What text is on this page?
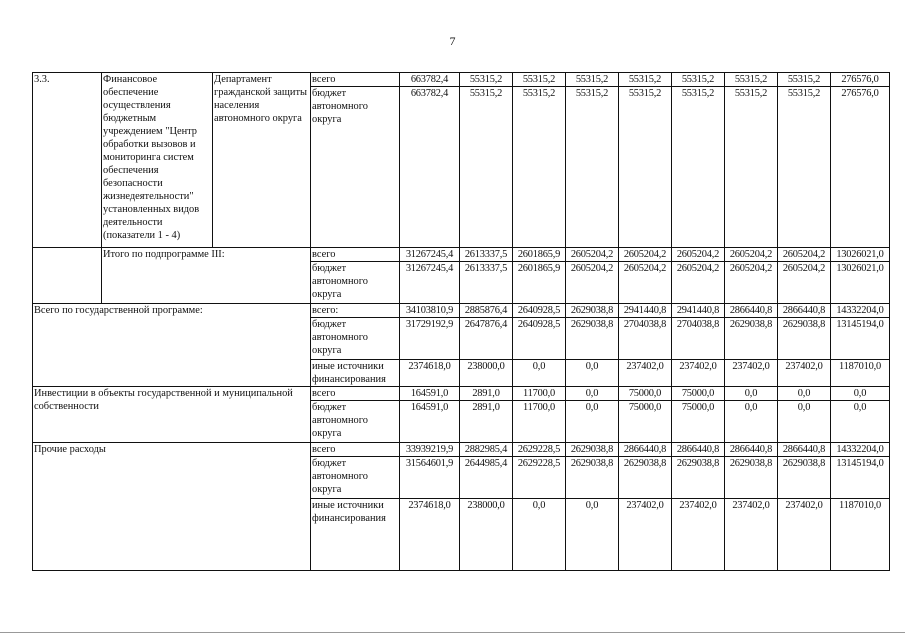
7
3.3.	Финансовое обеспечение осуществления бюджетным учреждением "Центр обработки вызовов и мониторинга систем обеспечения безопасности жизнедеятельности" установленных видов деятельности (показатели 1 - 4)	Департамент гражданской защиты населения автономного округа	всего	663782,4	55315,2	55315,2	55315,2	55315,2	55315,2	55315,2	55315,2	276576,0
			бюджет автономного округа	663782,4	55315,2	55315,2	55315,2	55315,2	55315,2	55315,2	55315,2	276576,0
	Итого по подпрограмме III:		всего	31267245,4	2613337,5	2601865,9	2605204,2	2605204,2	2605204,2	2605204,2	2605204,2	13026021,0
			бюджет автономного округа	31267245,4	2613337,5	2601865,9	2605204,2	2605204,2	2605204,2	2605204,2	2605204,2	13026021,0
Всего по государственной программе:			всего:	34103810,9	2885876,4	2640928,5	2629038,8	2941440,8	2941440,8	2866440,8	2866440,8	14332204,0
			бюджет автономного округа	31729192,9	2647876,4	2640928,5	2629038,8	2704038,8	2704038,8	2629038,8	2629038,8	13145194,0
			иные источники финансирования	2374618,0	238000,0	0,0	0,0	237402,0	237402,0	237402,0	237402,0	1187010,0
Инвестиции в объекты государственной и муниципальной собственности			всего	164591,0	2891,0	11700,0	0,0	75000,0	75000,0	0,0	0,0	0,0
			бюджет автономного округа	164591,0	2891,0	11700,0	0,0	75000,0	75000,0	0,0	0,0	0,0
Прочие расходы			всего	33939219,9	2882985,4	2629228,5	2629038,8	2866440,8	2866440,8	2866440,8	2866440,8	14332204,0
			бюджет автономного округа	31564601,9	2644985,4	2629228,5	2629038,8	2629038,8	2629038,8	2629038,8	2629038,8	13145194,0
			иные источники финансирования	2374618,0	238000,0	0,0	0,0	237402,0	237402,0	237402,0	237402,0	1187010,0
